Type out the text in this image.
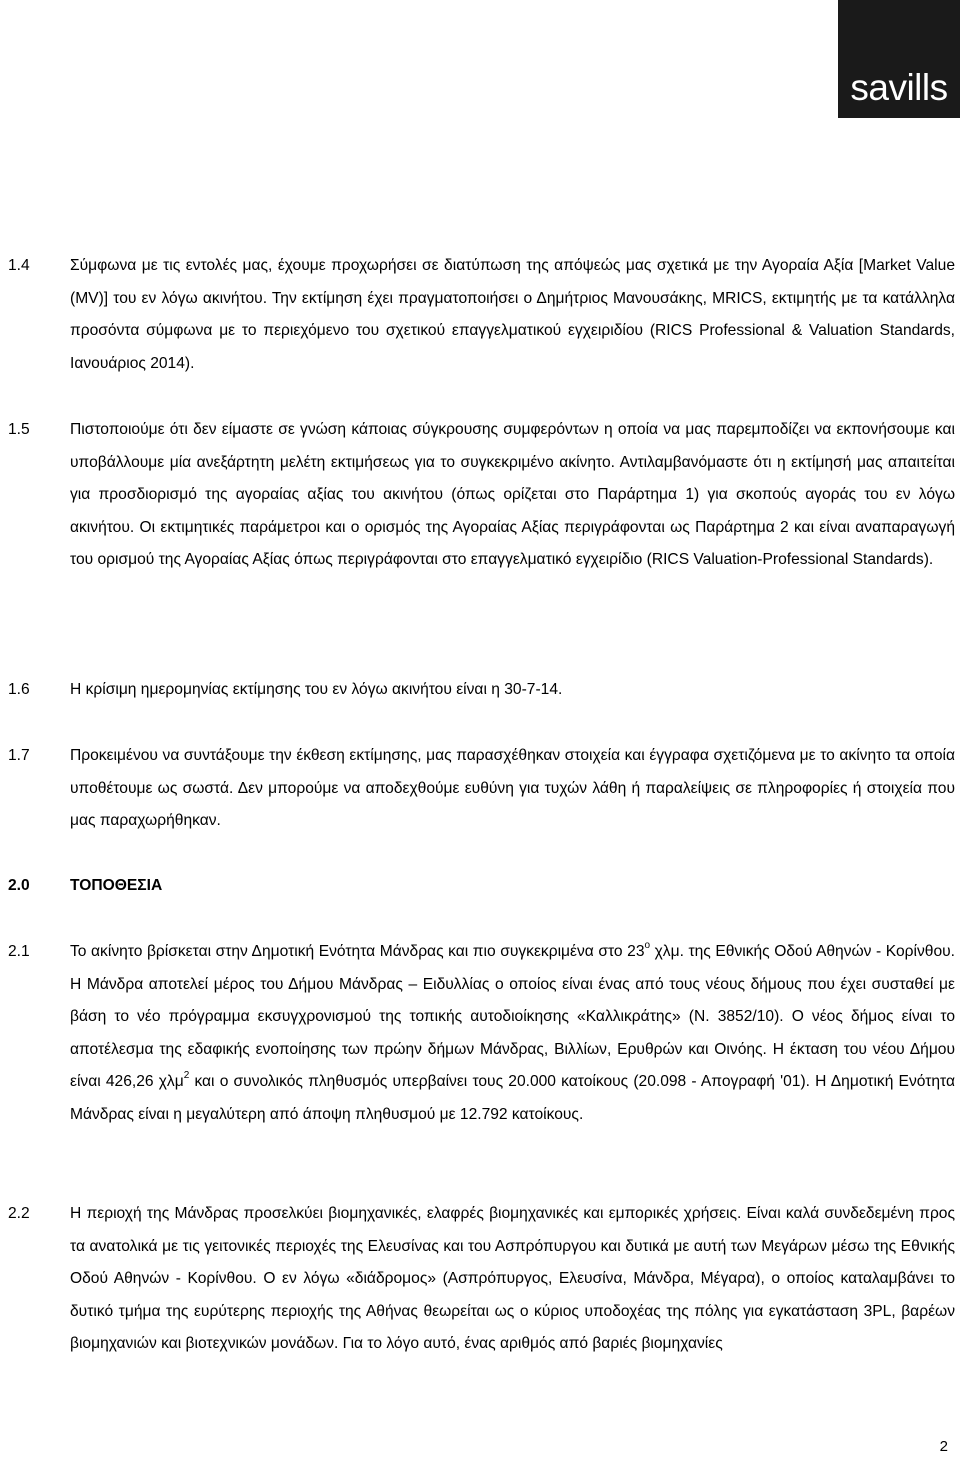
savills
1.4	Σύμφωνα με τις εντολές μας, έχουμε προχωρήσει σε διατύπωση της απόψεώς μας σχετικά με την Αγοραία Αξία [Market Value (MV)] του εν λόγω ακινήτου. Την εκτίμηση έχει πραγματοποιήσει ο Δημήτριος Μανουσάκης, MRICS, εκτιμητής με τα κατάλληλα προσόντα σύμφωνα με το περιεχόμενο του σχετικού επαγγελματικού εγχειριδίου (RICS Professional & Valuation Standards, Ιανουάριος 2014).
1.5	Πιστοποιούμε ότι δεν είμαστε σε γνώση κάποιας σύγκρουσης συμφερόντων η οποία να μας παρεμποδίζει να εκπονήσουμε και υποβάλλουμε μία ανεξάρτητη μελέτη εκτιμήσεως για το συγκεκριμένο ακίνητο. Αντιλαμβανόμαστε ότι η εκτίμησή μας απαιτείται για προσδιορισμό της αγοραίας αξίας του ακινήτου (όπως ορίζεται στο Παράρτημα 1) για σκοπούς αγοράς του εν λόγω ακινήτου. Οι εκτιμητικές παράμετροι και ο ορισμός της Αγοραίας Αξίας περιγράφονται ως Παράρτημα 2 και είναι αναπαραγωγή του ορισμού της Αγοραίας Αξίας όπως περιγράφονται στο επαγγελματικό εγχειρίδιο (RICS Valuation-Professional Standards).
1.6	Η κρίσιμη ημερομηνίας εκτίμησης του εν λόγω ακινήτου είναι η 30-7-14.
1.7	Προκειμένου να συντάξουμε την έκθεση εκτίμησης, μας παρασχέθηκαν στοιχεία και έγγραφα σχετιζόμενα με το ακίνητο τα οποία υποθέτουμε ως σωστά. Δεν μπορούμε να αποδεχθούμε ευθύνη για τυχών λάθη ή παραλείψεις σε πληροφορίες ή στοιχεία που μας παραχωρήθηκαν.
2.0	ΤΟΠΟΘΕΣΙΑ
2.1	Το ακίνητο βρίσκεται στην Δημοτική Ενότητα Μάνδρας και πιο συγκεκριμένα στο $23^o$ χλμ. της Εθνικής Οδού Αθηνών - Κορίνθου. Η Μάνδρα αποτελεί μέρος του Δήμου Μάνδρας – Ειδυλλίας ο οποίος είναι ένας από τους νέους δήμους που έχει συσταθεί με βάση το νέο πρόγραμμα εκσυγχρονισμού της τοπικής αυτοδιοίκησης «Καλλικράτης» (Ν. 3852/10). Ο νέος δήμος είναι το αποτέλεσμα της εδαφικής ενοποίησης των πρώην δήμων Μάνδρας, Βιλλίων, Ερυθρών και Οινόης. Η έκταση του νέου Δήμου είναι 426,26 χλμ$^2$ και ο συνολικός πληθυσμός υπερβαίνει τους 20.000 κατοίκους (20.098 - Απογραφή '01). Η Δημοτική Ενότητα Μάνδρας είναι η μεγαλύτερη από άποψη πληθυσμού με 12.792 κατοίκους.
2.2	Η περιοχή της Μάνδρας προσελκύει βιομηχανικές, ελαφρές βιομηχανικές και εμπορικές χρήσεις. Είναι καλά συνδεδεμένη προς τα ανατολικά με τις γειτονικές περιοχές της Ελευσίνας και του Ασπρόπυργου και δυτικά με αυτή των Μεγάρων μέσω της Εθνικής Οδού Αθηνών - Κορίνθου. Ο εν λόγω «διάδρομος» (Ασπρόπυργος, Ελευσίνα, Μάνδρα, Μέγαρα), ο οποίος καταλαμβάνει το δυτικό τμήμα της ευρύτερης περιοχής της Αθήνας θεωρείται ως ο κύριος υποδοχέας της πόλης για εγκατάσταση 3PL, βαρέων βιομηχανιών και βιοτεχνικών μονάδων. Για το λόγο αυτό, ένας αριθμός από βαριές βιομηχανίες
2
